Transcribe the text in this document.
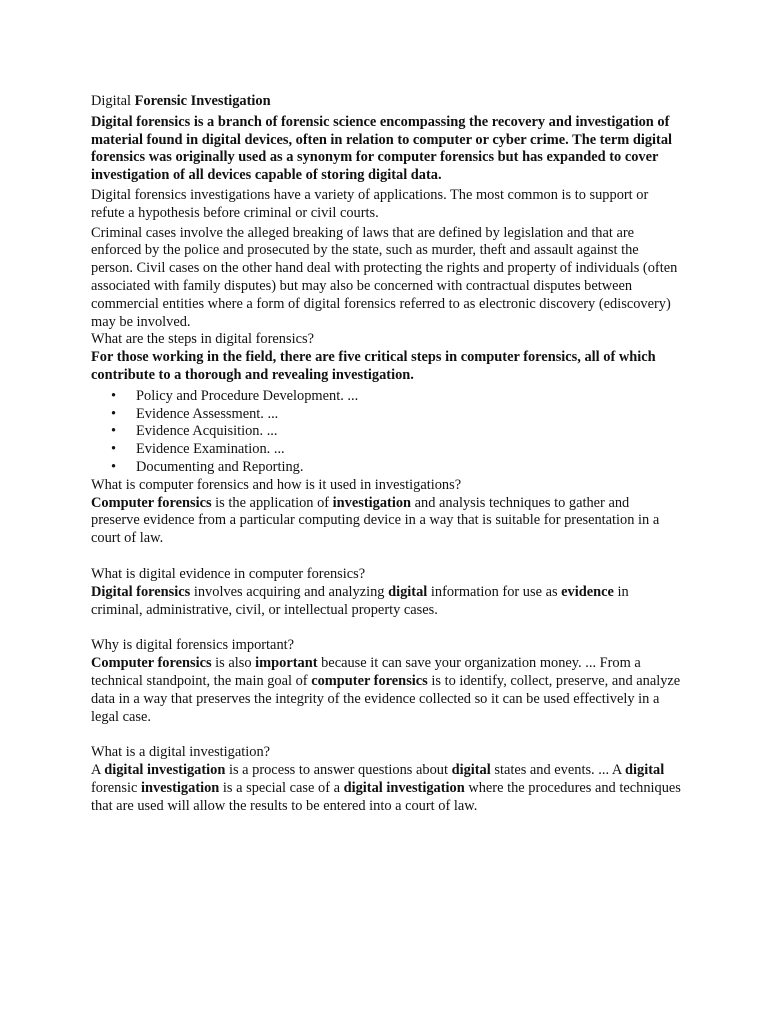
Digital Forensic Investigation

Digital forensics is a branch of forensic science encompassing the recovery and investigation of material found in digital devices, often in relation to computer or cyber crime. The term digital forensics was originally used as a synonym for computer forensics but has expanded to cover investigation of all devices capable of storing digital data.

Digital forensics investigations have a variety of applications. The most common is to support or refute a hypothesis before criminal or civil courts.

Criminal cases involve the alleged breaking of laws that are defined by legislation and that are enforced by the police and prosecuted by the state, such as murder, theft and assault against the person. Civil cases on the other hand deal with protecting the rights and property of individuals (often associated with family disputes) but may also be concerned with contractual disputes between commercial entities where a form of digital forensics referred to as electronic discovery (ediscovery) may be involved.

What are the steps in digital forensics?

For those working in the field, there are five critical steps in computer forensics, all of which contribute to a thorough and revealing investigation.

• Policy and Procedure Development. ...
• Evidence Assessment. ...
• Evidence Acquisition. ...
• Evidence Examination. ...
• Documenting and Reporting.

What is computer forensics and how is it used in investigations?

Computer forensics is the application of investigation and analysis techniques to gather and preserve evidence from a particular computing device in a way that is suitable for presentation in a court of law.

What is digital evidence in computer forensics?

Digital forensics involves acquiring and analyzing digital information for use as evidence in criminal, administrative, civil, or intellectual property cases.

Why is digital forensics important?

Computer forensics is also important because it can save your organization money. ... From a technical standpoint, the main goal of computer forensics is to identify, collect, preserve, and analyze data in a way that preserves the integrity of the evidence collected so it can be used effectively in a legal case.

What is a digital investigation?

A digital investigation is a process to answer questions about digital states and events. ... A digital forensic investigation is a special case of a digital investigation where the procedures and techniques that are used will allow the results to be entered into a court of law.
